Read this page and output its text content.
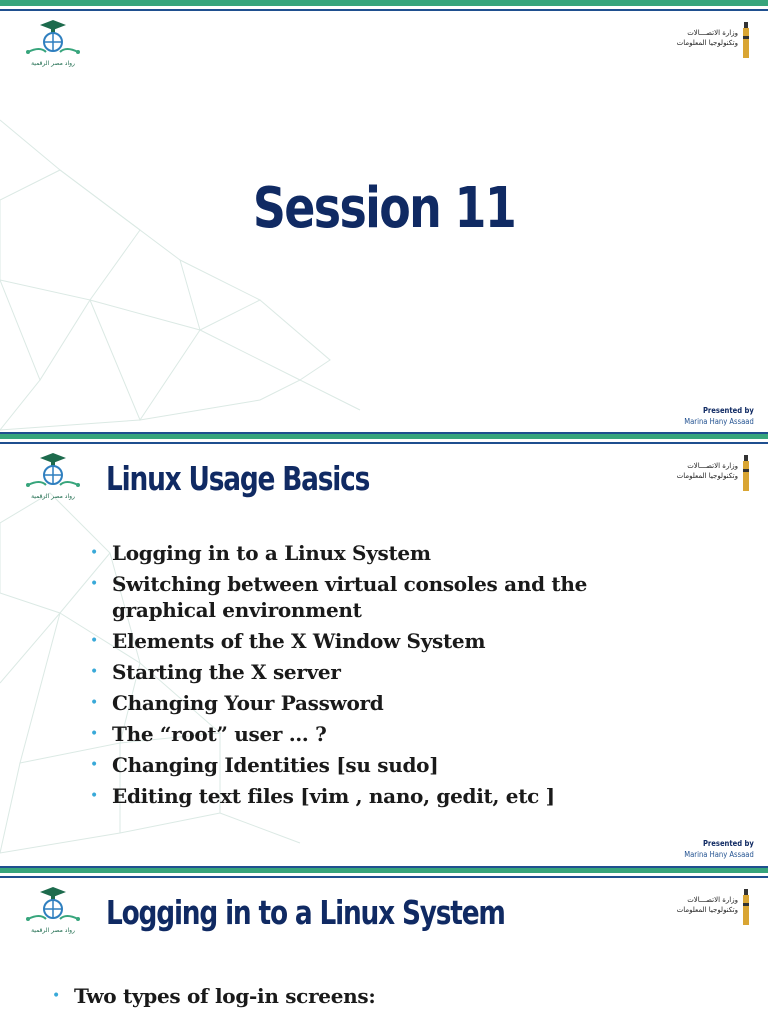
رواد مصر الرقمية
وزارة الاتصـــالات
وتكنولوجيا المعلومات
Session 11
Presented by
Marina Hany Assaad
رواد مصر الرقمية
وزارة الاتصـــالات
وتكنولوجيا المعلومات
Linux Usage Basics
• Logging in to a Linux System
• Switching between virtual consoles and the graphical environment
• Elements of the X Window System
• Starting the X server
• Changing Your Password
• The “root” user … ?
• Changing Identities [su sudo]
• Editing text files [vim , nano, gedit, etc ]
Presented by
Marina Hany Assaad
رواد مصر الرقمية
وزارة الاتصـــالات
وتكنولوجيا المعلومات
Logging in to a Linux System
• Two types of log-in screens:
